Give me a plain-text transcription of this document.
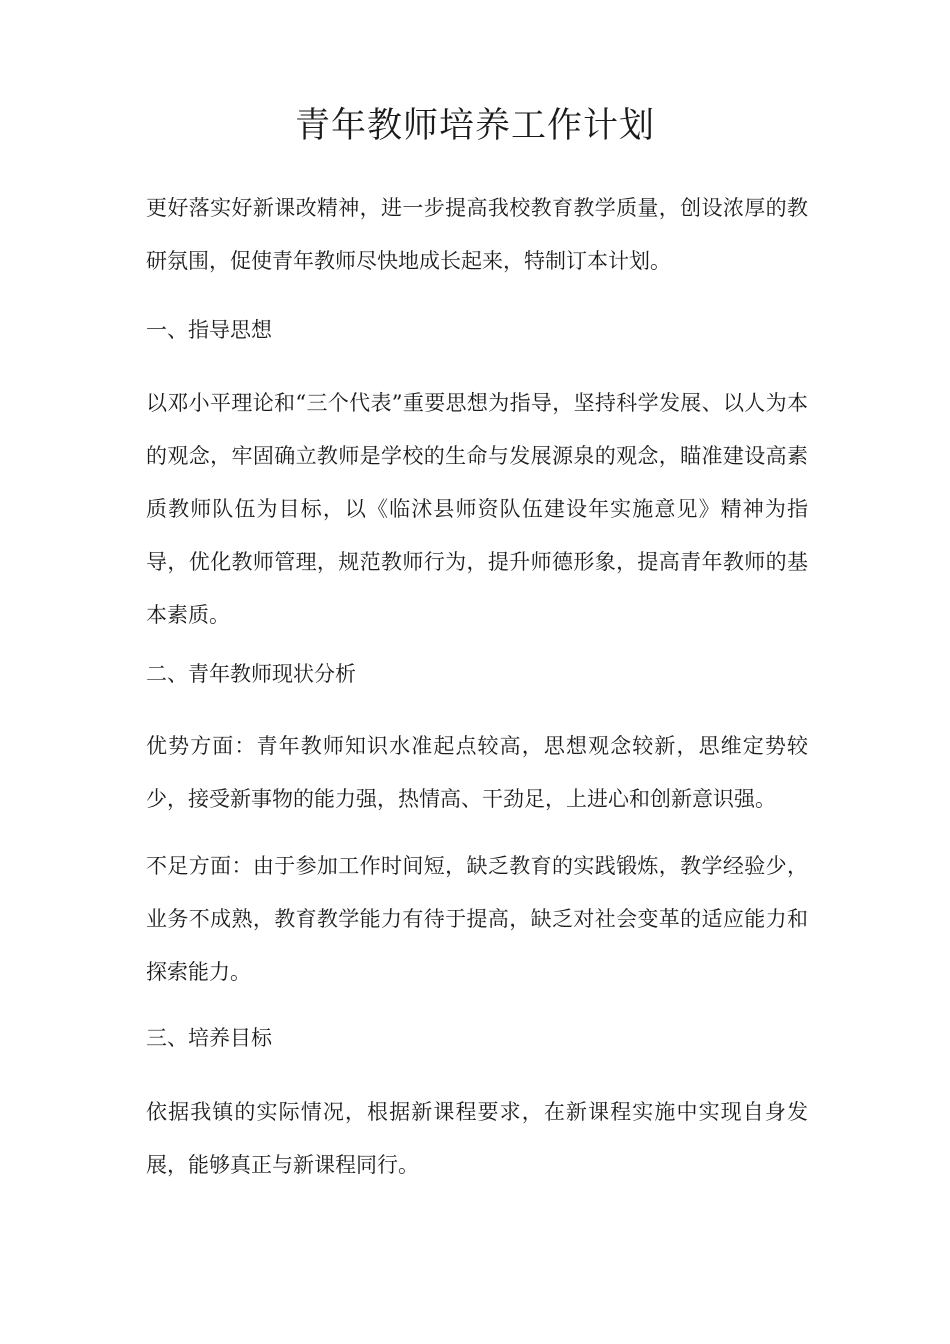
青年教师培养工作计划

更好落实好新课改精神，进一步提高我校教育教学质量，创设浓厚的教研氛围，促使青年教师尽快地成长起来，特制订本计划。

一、指导思想

以邓小平理论和“三个代表”重要思想为指导，坚持科学发展、以人为本的观念，牢固确立教师是学校的生命与发展源泉的观念，瞄准建设高素质教师队伍为目标，以《临沭县师资队伍建设年实施意见》精神为指导，优化教师管理，规范教师行为，提升师德形象，提高青年教师的基本素质。

二、青年教师现状分析

优势方面：青年教师知识水准起点较高，思想观念较新，思维定势较少，接受新事物的能力强，热情高、干劲足，上进心和创新意识强。

不足方面：由于参加工作时间短，缺乏教育的实践锻炼，教学经验少，业务不成熟，教育教学能力有待于提高，缺乏对社会变革的适应能力和探索能力。

三、培养目标

依据我镇的实际情况，根据新课程要求，在新课程实施中实现自身发展，能够真正与新课程同行。
